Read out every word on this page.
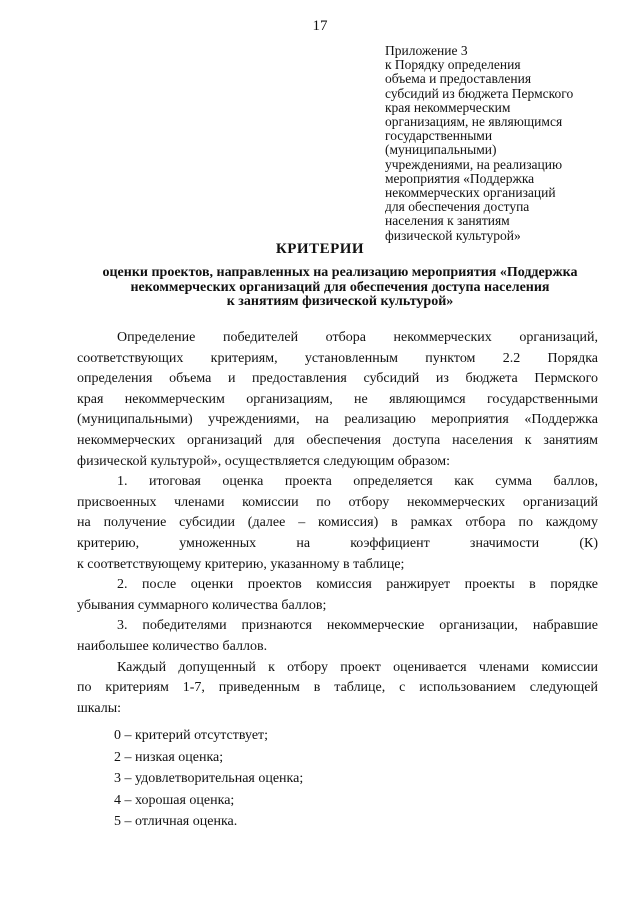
17
Приложение 3
к Порядку определения
объема и предоставления
субсидий из бюджета Пермского
края некоммерческим
организациям, не являющимся
государственными
(муниципальными)
учреждениями, на реализацию
мероприятия «Поддержка
некоммерческих организаций
для обеспечения доступа
населения к занятиям
физической культурой»
КРИТЕРИИ
оценки проектов, направленных на реализацию мероприятия «Поддержка
некоммерческих организаций для обеспечения доступа населения
к занятиям физической культурой»
Определение победителей отбора некоммерческих организаций,
соответствующих критериям, установленным пунктом 2.2 Порядка
определения объема и предоставления субсидий из бюджета Пермского
края некоммерческим организациям, не являющимся государственными
(муниципальными) учреждениями, на реализацию мероприятия «Поддержка
некоммерческих организаций для обеспечения доступа населения к занятиям
физической культурой», осуществляется следующим образом:
1. итоговая оценка проекта определяется как сумма баллов,
присвоенных членами комиссии по отбору некоммерческих организаций
на получение субсидии (далее – комиссия) в рамках отбора по каждому
критерию, умноженных на коэффициент значимости (К)
к соответствующему критерию, указанному в таблице;
2. после оценки проектов комиссия ранжирует проекты в порядке
убывания суммарного количества баллов;
3. победителями признаются некоммерческие организации, набравшие
наибольшее количество баллов.
Каждый допущенный к отбору проект оценивается членами комиссии
по критериям 1-7, приведенным в таблице, с использованием следующей
шкалы:
0 – критерий отсутствует;
2 – низкая оценка;
3 – удовлетворительная оценка;
4 – хорошая оценка;
5 – отличная оценка.
